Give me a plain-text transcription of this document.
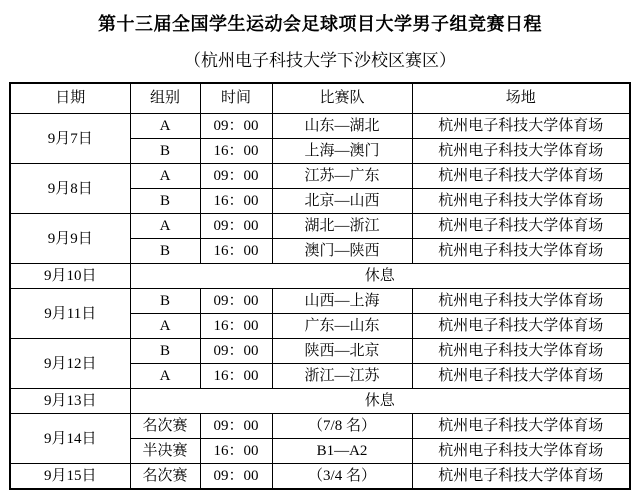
第十三届全国学生运动会足球项目大学男子组竞赛日程
（杭州电子科技大学下沙校区赛区）
日期	组别	时间	比赛队	场地
9月7日	A	09：00	山东—湖北	杭州电子科技大学体育场
	B	16：00	上海—澳门	杭州电子科技大学体育场
9月8日	A	09：00	江苏—广东	杭州电子科技大学体育场
	B	16：00	北京—山西	杭州电子科技大学体育场
9月9日	A	09：00	湖北—浙江	杭州电子科技大学体育场
	B	16：00	澳门—陕西	杭州电子科技大学体育场
9月10日	休息			
9月11日	B	09：00	山西—上海	杭州电子科技大学体育场
	A	16：00	广东—山东	杭州电子科技大学体育场
9月12日	B	09：00	陕西—北京	杭州电子科技大学体育场
	A	16：00	浙江—江苏	杭州电子科技大学体育场
9月13日	休息			
9月14日	名次赛	09：00	（7/8 名）	杭州电子科技大学体育场
	半决赛	16：00	B1—A2	杭州电子科技大学体育场
9月15日	名次赛	09：00	（3/4 名）	杭州电子科技大学体育场
